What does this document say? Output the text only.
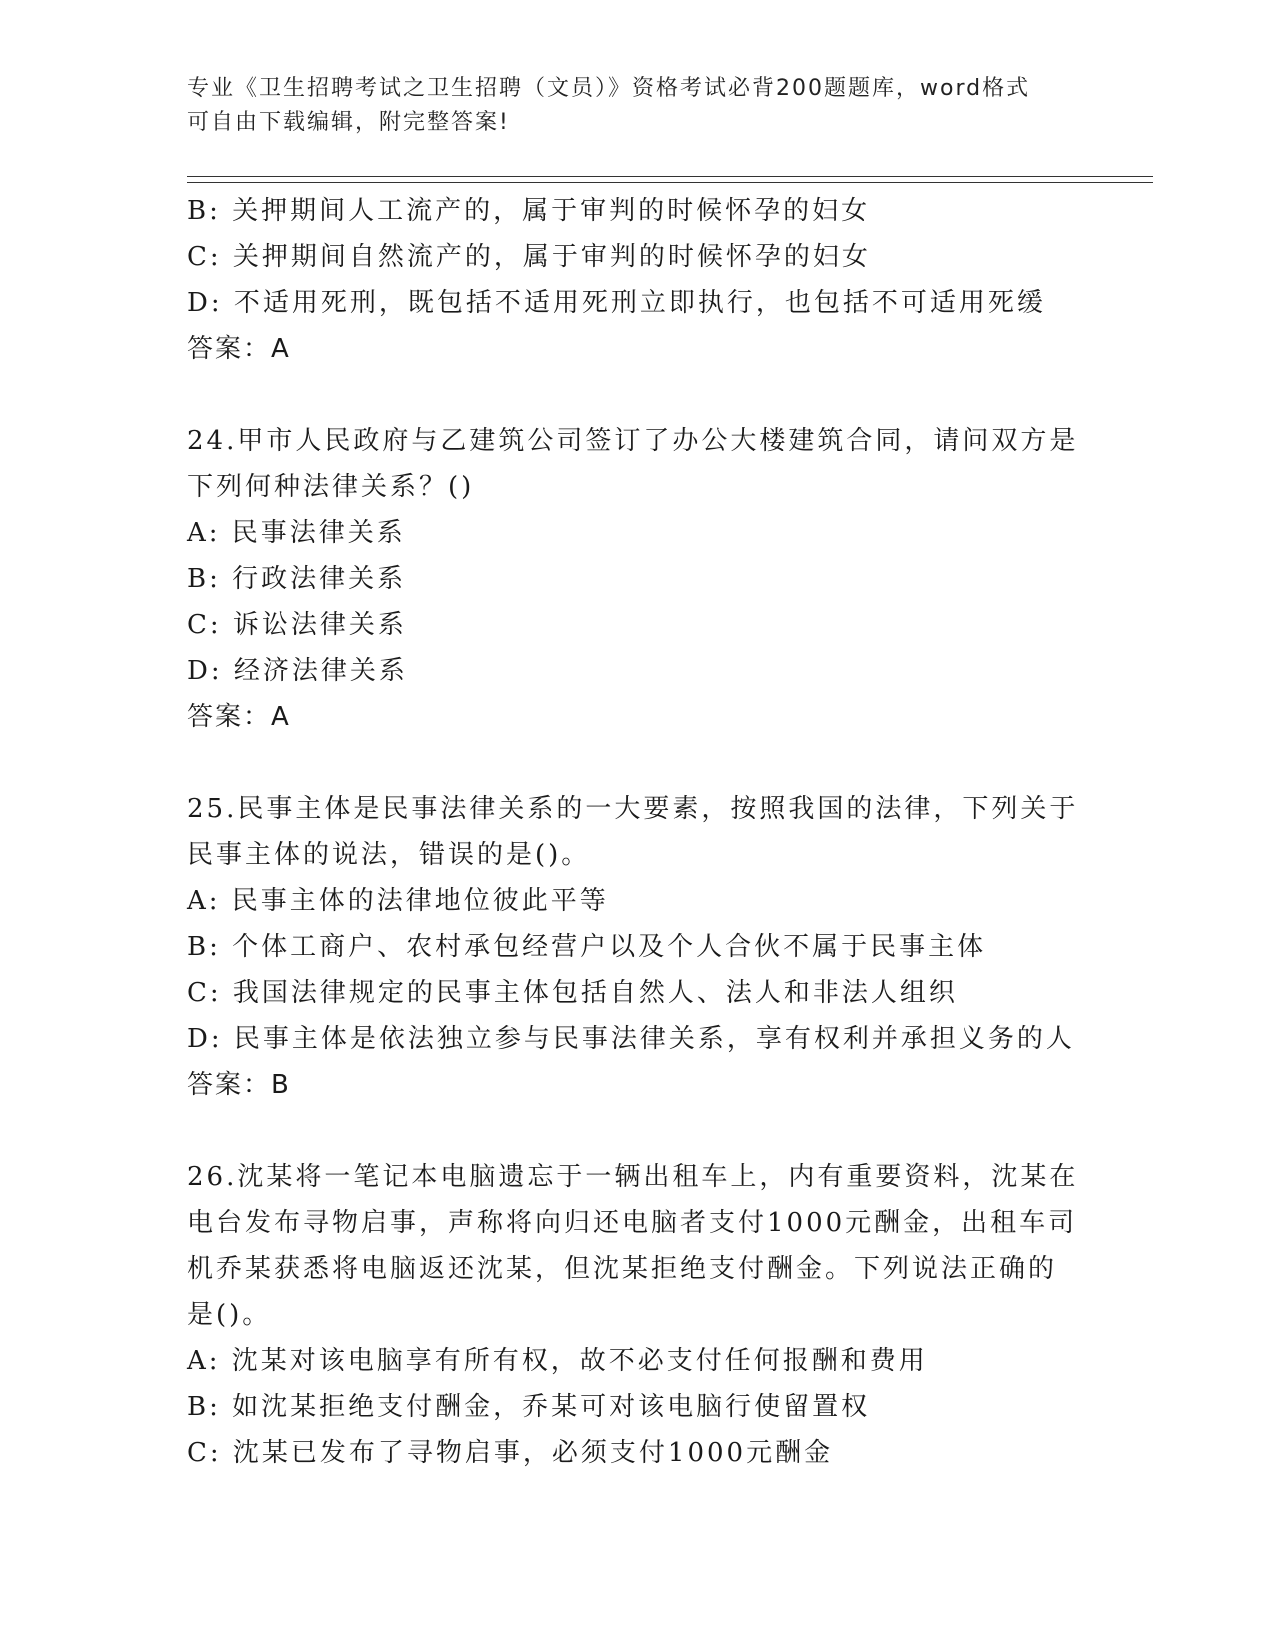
专业《卫生招聘考试之卫生招聘（文员）》资格考试必背200题题库，word格式
可自由下载编辑，附完整答案!
B: 关押期间人工流产的，属于审判的时候怀孕的妇女
C: 关押期间自然流产的，属于审判的时候怀孕的妇女
D: 不适用死刑，既包括不适用死刑立即执行，也包括不可适用死缓
答案：A
24.甲市人民政府与乙建筑公司签订了办公大楼建筑合同，请问双方是
下列何种法律关系？()
A: 民事法律关系
B: 行政法律关系
C: 诉讼法律关系
D: 经济法律关系
答案：A
25.民事主体是民事法律关系的一大要素，按照我国的法律，下列关于
民事主体的说法，错误的是()。
A: 民事主体的法律地位彼此平等
B: 个体工商户、农村承包经营户以及个人合伙不属于民事主体
C: 我国法律规定的民事主体包括自然人、法人和非法人组织
D: 民事主体是依法独立参与民事法律关系，享有权利并承担义务的人
答案：B
26.沈某将一笔记本电脑遗忘于一辆出租车上，内有重要资料，沈某在
电台发布寻物启事，声称将向归还电脑者支付1000元酬金，出租车司
机乔某获悉将电脑返还沈某，但沈某拒绝支付酬金。下列说法正确的
是()。
A: 沈某对该电脑享有所有权，故不必支付任何报酬和费用
B: 如沈某拒绝支付酬金，乔某可对该电脑行使留置权
C: 沈某已发布了寻物启事，必须支付1000元酬金
